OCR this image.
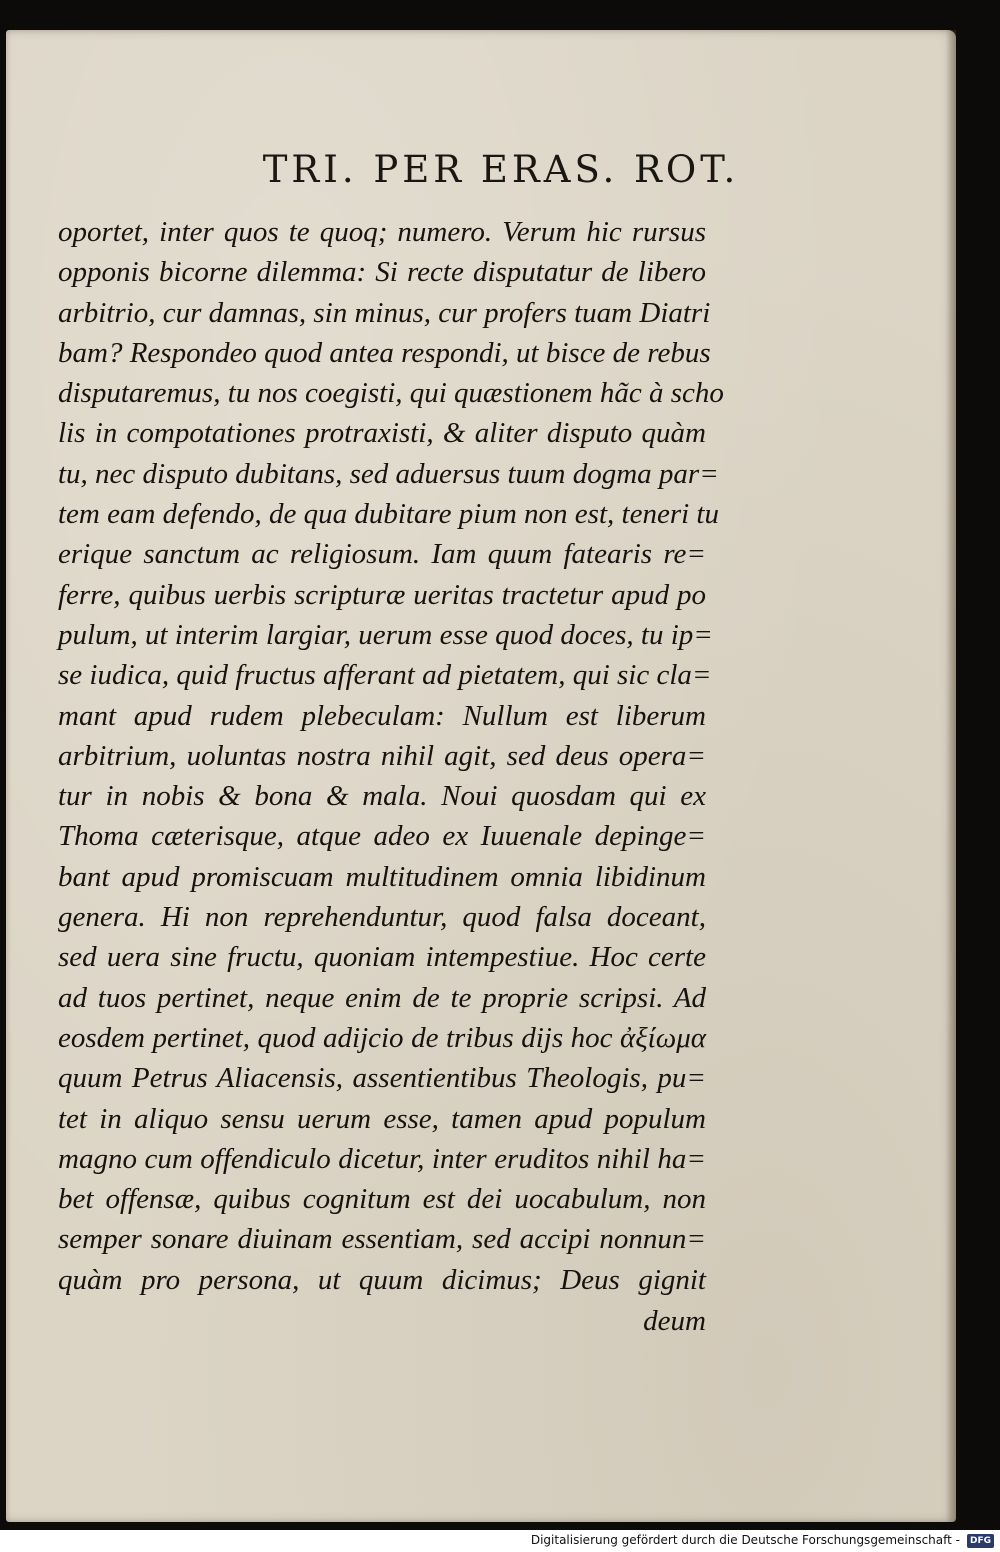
TRI. PER ERAS. ROT.
oportet, inter quos te quoq; numero. Verum hic rursus
opponis bicorne dilemma: Si recte disputatur de libero
arbitrio, cur damnas, sin minus, cur profers tuam Diatri
bam? Respondeo quod antea respondi, ut bisce de rebus
disputaremus, tu nos coegisti, qui quæstionem hãc à scho
lis in compotationes protraxisti, & aliter disputo quàm
tu, nec disputo dubitans, sed aduersus tuum dogma par=
tem eam defendo, de qua dubitare pium non est, teneri tu
erique sanctum ac religiosum. Iam quum fatearis re=
ferre, quibus uerbis scripturæ ueritas tractetur apud po
pulum, ut interim largiar, uerum esse quod doces, tu ip=
se iudica, quid fructus afferant ad pietatem, qui sic cla=
mant apud rudem plebeculam: Nullum est liberum
arbitrium, uoluntas nostra nihil agit, sed deus opera=
tur in nobis & bona & mala. Noui quosdam qui ex
Thoma cæterisque, atque adeo ex Iuuenale depinge=
bant apud promiscuam multitudinem omnia libidinum
genera. Hi non reprehenduntur, quod falsa doceant,
sed uera sine fructu, quoniam intempestiue. Hoc certe
ad tuos pertinet, neque enim de te proprie scripsi. Ad
eosdem pertinet, quod adijcio de tribus dijs hoc ἀξίωμα
quum Petrus Aliacensis, assentientibus Theologis, pu=
tet in aliquo sensu uerum esse, tamen apud populum
magno cum offendiculo dicetur, inter eruditos nihil ha=
bet offensæ, quibus cognitum est dei uocabulum, non
semper sonare diuinam essentiam, sed accipi nonnun=
quàm pro persona, ut quum dicimus; Deus gignit
deum
Digitalisierung gefördert durch die Deutsche Forschungsgemeinschaft -	DFG
